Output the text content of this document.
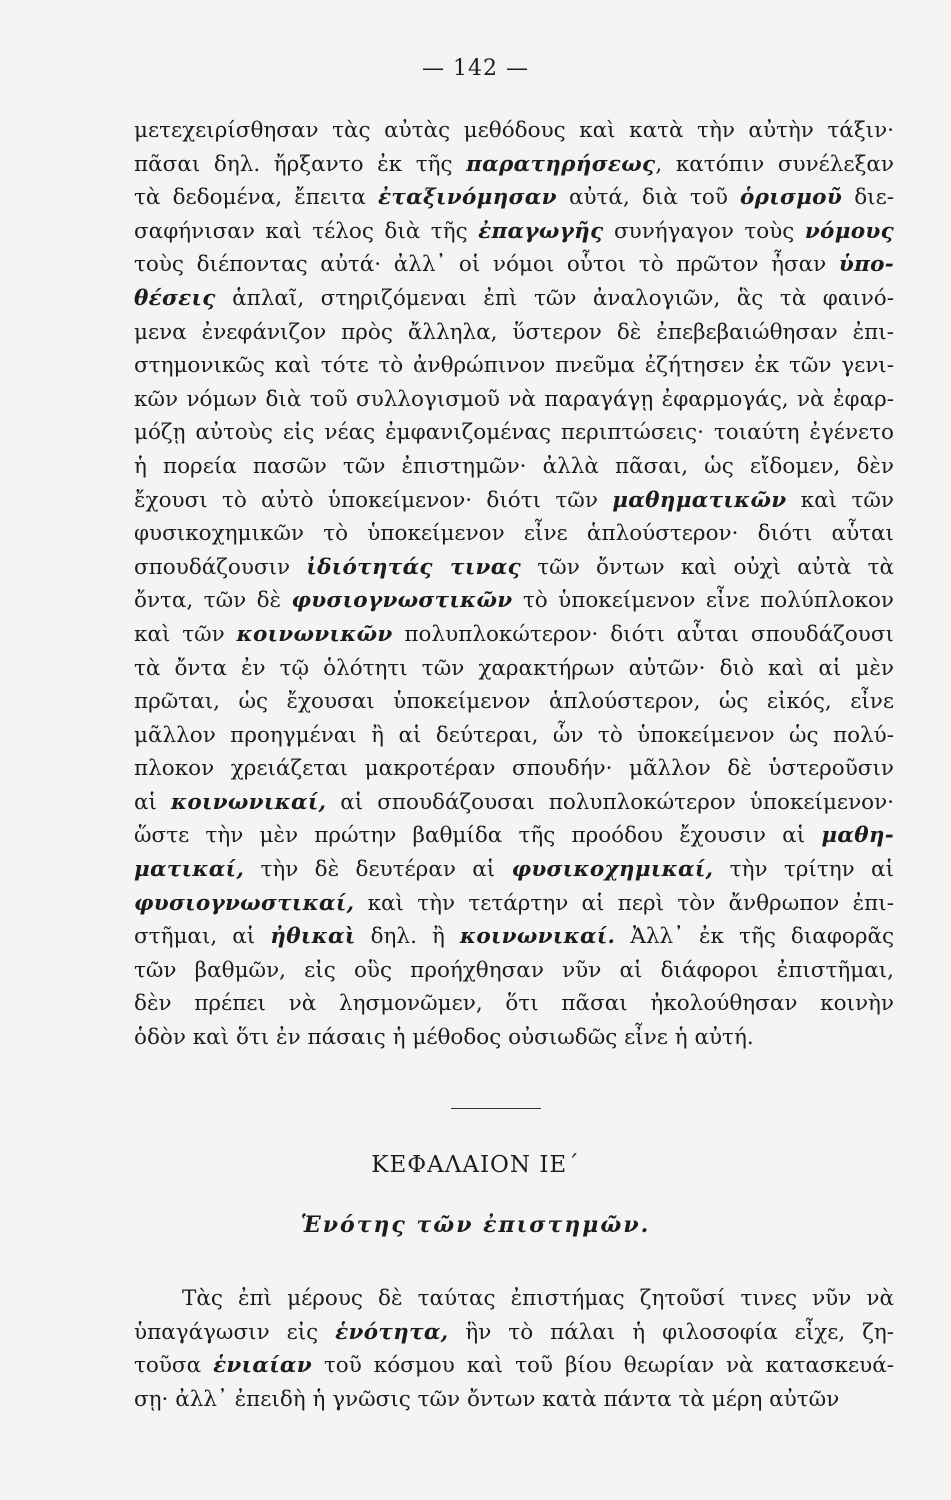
— 142 —
μετεχειρίσθησαν τὰς αὐτὰς μεθόδους καὶ κατὰ τὴν αὐτὴν τάξιν·
πᾶσαι δηλ. ἤρξαντο ἐκ τῆς παρατηρήσεως, κατόπιν συνέλεξαν
τὰ δεδομένα, ἔπειτα ἐταξινόμησαν αὐτά, διὰ τοῦ ὁρισμοῦ διε-
σαφήνισαν καὶ τέλος διὰ τῆς ἐπαγωγῆς συνήγαγον τοὺς νόμους
τοὺς διέποντας αὐτά· ἀλλ᾽ οἱ νόμοι οὗτοι τὸ πρῶτον ἦσαν ὑπο-
θέσεις ἁπλαῖ, στηριζόμεναι ἐπὶ τῶν ἀναλογιῶν, ἃς τὰ φαινό-
μενα ἐνεφάνιζον πρὸς ἄλληλα, ὕστερον δὲ ἐπεβεβαιώθησαν ἐπι-
στημονικῶς καὶ τότε τὸ ἀνθρώπινον πνεῦμα ἐζήτησεν ἐκ τῶν γενι-
κῶν νόμων διὰ τοῦ συλλογισμοῦ νὰ παραγάγῃ ἐφαρμογάς, νὰ ἐφαρ-
μόζῃ αὐτοὺς εἰς νέας ἐμφανιζομένας περιπτώσεις· τοιαύτη ἐγένετο
ἡ πορεία πασῶν τῶν ἐπιστημῶν· ἀλλὰ πᾶσαι, ὡς εἴδομεν, δὲν
ἔχουσι τὸ αὐτὸ ὑποκείμενον· διότι τῶν μαθηματικῶν καὶ τῶν
φυσικοχημικῶν τὸ ὑποκείμενον εἶνε ἁπλούστερον· διότι αὗται
σπουδάζουσιν ἰδιότητάς τινας τῶν ὄντων καὶ οὐχὶ αὐτὰ τὰ
ὄντα, τῶν δὲ φυσιογνωστικῶν τὸ ὑποκείμενον εἶνε πολύπλοκον
καὶ τῶν κοινωνικῶν πολυπλοκώτερον· διότι αὗται σπουδάζουσι
τὰ ὄντα ἐν τῷ ὁλότητι τῶν χαρακτήρων αὐτῶν· διὸ καὶ αἱ μὲν
πρῶται, ὡς ἔχουσαι ὑποκείμενον ἁπλούστερον, ὡς εἰκός, εἶνε
μᾶλλον προηγμέναι ἢ αἱ δεύτεραι, ὧν τὸ ὑποκείμενον ὡς πολύ-
πλοκον χρειάζεται μακροτέραν σπουδήν· μᾶλλον δὲ ὑστεροῦσιν
αἱ κοινωνικαί, αἱ σπουδάζουσαι πολυπλοκώτερον ὑποκείμενον·
ὥστε τὴν μὲν πρώτην βαθμίδα τῆς προόδου ἔχουσιν αἱ μαθη-
ματικαί, τὴν δὲ δευτέραν αἱ φυσικοχημικαί, τὴν τρίτην αἱ
φυσιογνωστικαί, καὶ τὴν τετάρτην αἱ περὶ τὸν ἄνθρωπον ἐπι-
στῆμαι, αἱ ἠθικαὶ δηλ. ἢ κοινωνικαί. Ἀλλ᾽ ἐκ τῆς διαφορᾶς
τῶν βαθμῶν, εἰς οὓς προήχθησαν νῦν αἱ διάφοροι ἐπιστῆμαι,
δὲν πρέπει νὰ λησμονῶμεν, ὅτι πᾶσαι ἠκολούθησαν κοινὴν
ὁδὸν καὶ ὅτι ἐν πάσαις ἡ μέθοδος οὐσιωδῶς εἶνε ἡ αὐτή.
ΚΕΦΑΛΑΙΟΝ ΙΕ΄
Ἑνότης τῶν ἐπιστημῶν.
Τὰς ἐπὶ μέρους δὲ ταύτας ἐπιστήμας ζητοῦσί τινες νῦν νὰ
ὑπαγάγωσιν εἰς ἑνότητα, ἣν τὸ πάλαι ἡ φιλοσοφία εἶχε, ζη-
τοῦσα ἑνιαίαν τοῦ κόσμου καὶ τοῦ βίου θεωρίαν νὰ κατασκευά-
σῃ· ἀλλ᾽ ἐπειδὴ ἡ γνῶσις τῶν ὄντων κατὰ πάντα τὰ μέρη αὐτῶν
